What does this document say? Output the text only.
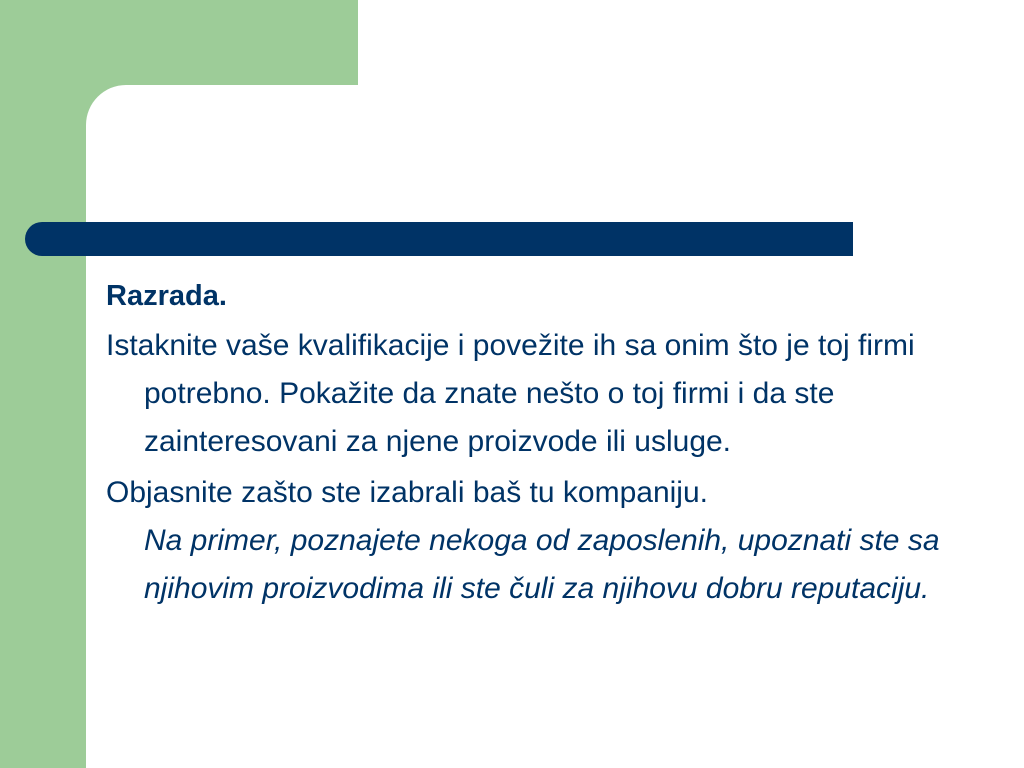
Razrada.
Istaknite vaše kvalifikacije i povežite ih sa onim što je toj firmi potrebno. Pokažite da znate nešto o toj firmi i da ste zainteresovani za njene proizvode ili usluge.
Objasnite zašto ste izabrali baš tu kompaniju.
Na primer, poznajete nekoga od zaposlenih, upoznati ste sa njihovim proizvodima ili ste čuli za njihovu dobru reputaciju.
